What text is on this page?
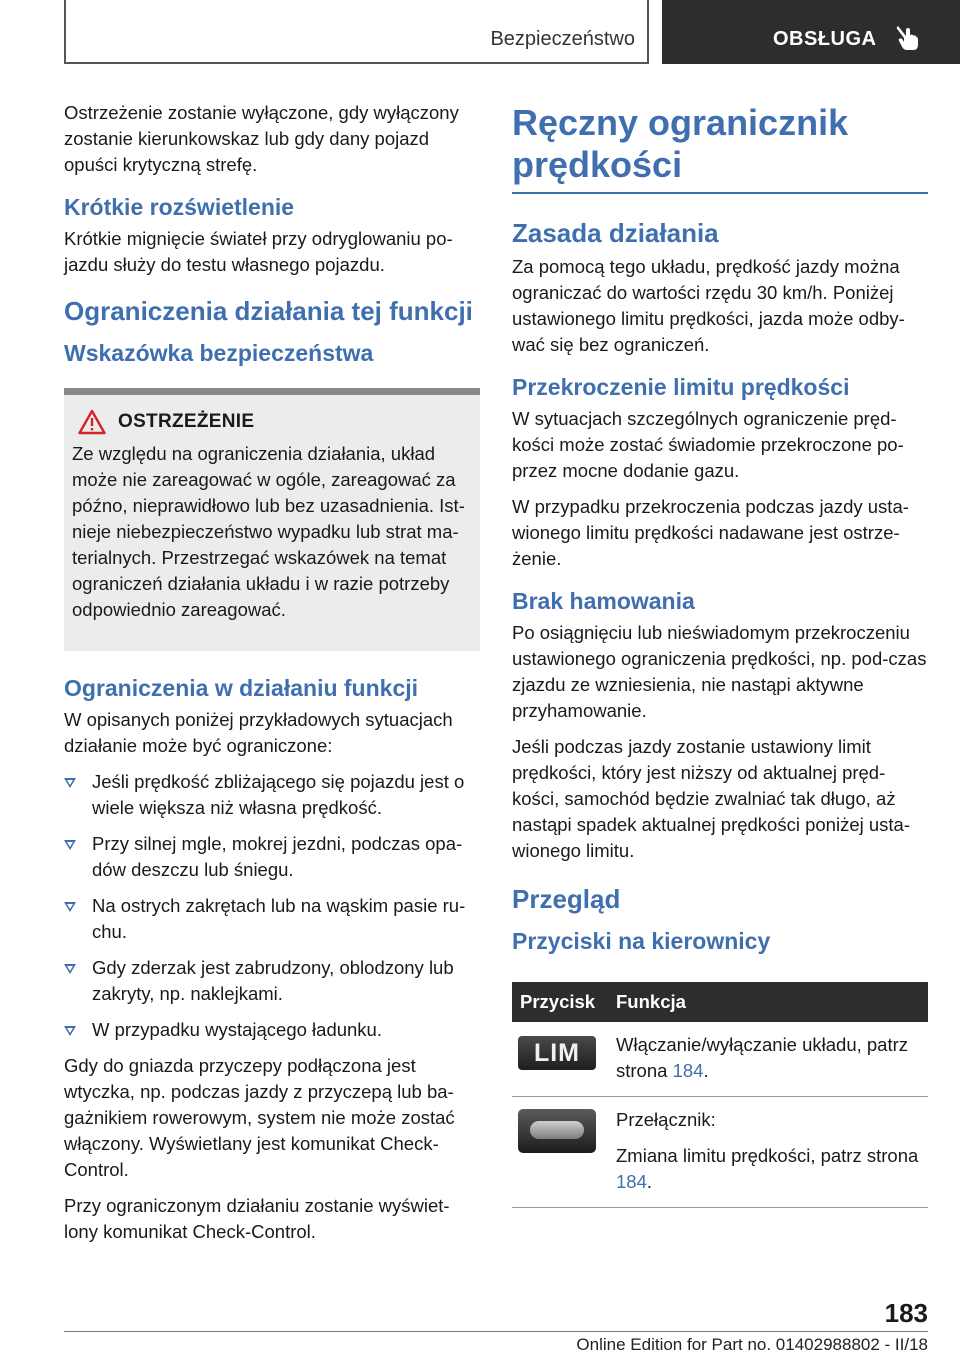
Bezpieczeństwo	OBSŁUGA

Ostrzeżenie zostanie wyłączone, gdy wyłączony zostanie kierunkowskaz lub gdy dany pojazd opuści krytyczną strefę.

Krótkie rozświetlenie

Krótkie mignięcie świateł przy odryglowaniu po-jazdu służy do testu własnego pojazdu.

Ograniczenia działania tej funkcji
Wskazówka bezpieczeństwa
OSTRZEŻENIE

Ze względu na ograniczenia działania, układ może nie zareagować w ogóle, zareagować za późno, nieprawidłowo lub bez uzasadnienia. Ist-nieje niebezpieczeństwo wypadku lub strat ma-terialnych. Przestrzegać wskazówek na temat ograniczeń działania układu i w razie potrzeby odpowiednio zareagować.

Ograniczenia w działaniu funkcji

W opisanych poniżej przykładowych sytuacjach działanie może być ograniczone:

Jeśli prędkość zbliżającego się pojazdu jest o wiele większa niż własna prędkość.
Przy silnej mgle, mokrej jezdni, podczas opa-dów deszczu lub śniegu.
Na ostrych zakrętach lub na wąskim pasie ru-chu.
Gdy zderzak jest zabrudzony, oblodzony lub zakryty, np. naklejkami.
W przypadku wystającego ładunku.

Gdy do gniazda przyczepy podłączona jest wtyczka, np. podczas jazdy z przyczepą lub ba-gażnikiem rowerowym, system nie może zostać włączony. Wyświetlany jest komunikat Check-Control.

Przy ograniczonym działaniu zostanie wyświet-lony komunikat Check-Control.

Ręczny ogranicznik prędkości
Zasada działania

Za pomocą tego układu, prędkość jazdy można ograniczać do wartości rzędu 30 km/h. Poniżej ustawionego limitu prędkości, jazda może odby-wać się bez ograniczeń.

Przekroczenie limitu prędkości

W sytuacjach szczególnych ograniczenie pręd-kości może zostać świadomie przekroczone po-przez mocne dodanie gazu.

W przypadku przekroczenia podczas jazdy usta-wionego limitu prędkości nadawane jest ostrze-żenie.

Brak hamowania

Po osiągnięciu lub nieświadomym przekroczeniu ustawionego ograniczenia prędkości, np. pod-czas zjazdu ze wzniesienia, nie nastąpi aktywne przyhamowanie.

Jeśli podczas jazdy zostanie ustawiony limit prędkości, który jest niższy od aktualnej pręd-kości, samochód będzie zwalniać tak długo, aż nastąpi spadek aktualnej prędkości poniżej usta-wionego limitu.

Przegląd
Przyciski na kierownicy
Przycisk	Funkcja

LIM	Włączanie/wyłączanie układu, patrz strona 184.

	Przełącznik:

Zmiana limitu prędkości, patrz strona 184.

183
Online Edition for Part no. 01402988802 - II/18
